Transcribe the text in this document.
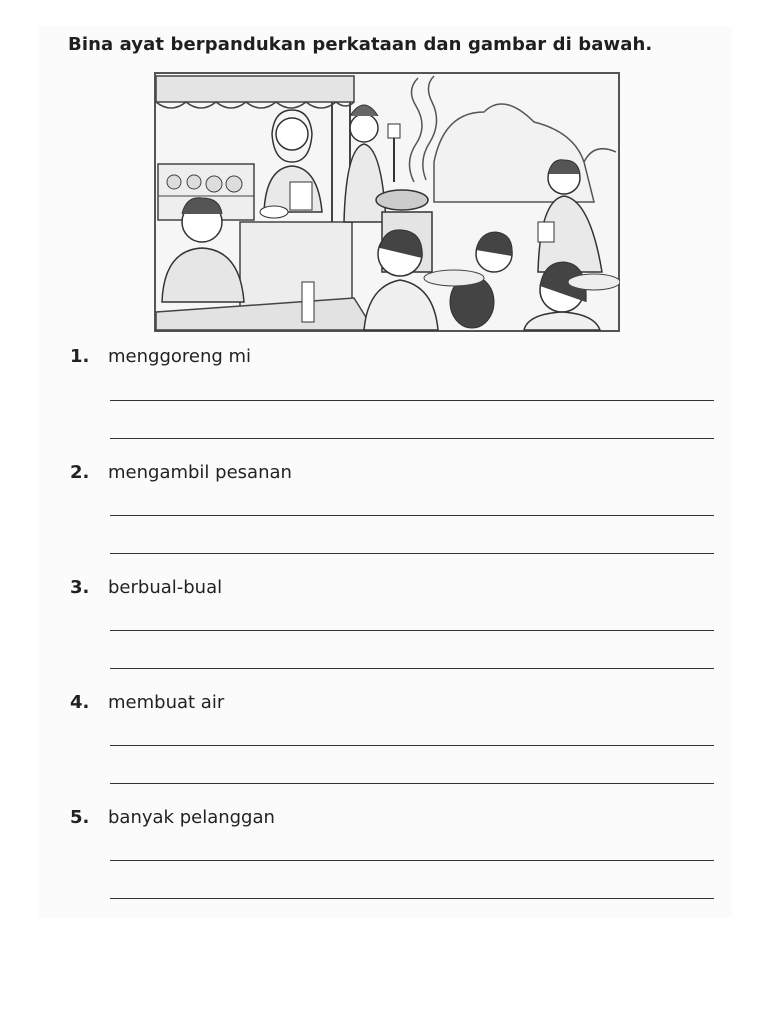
Bina ayat berpandukan perkataan dan gambar di bawah.
1. menggoreng mi
2. mengambil pesanan
3. berbual-bual
4. membuat air
5. banyak pelanggan
